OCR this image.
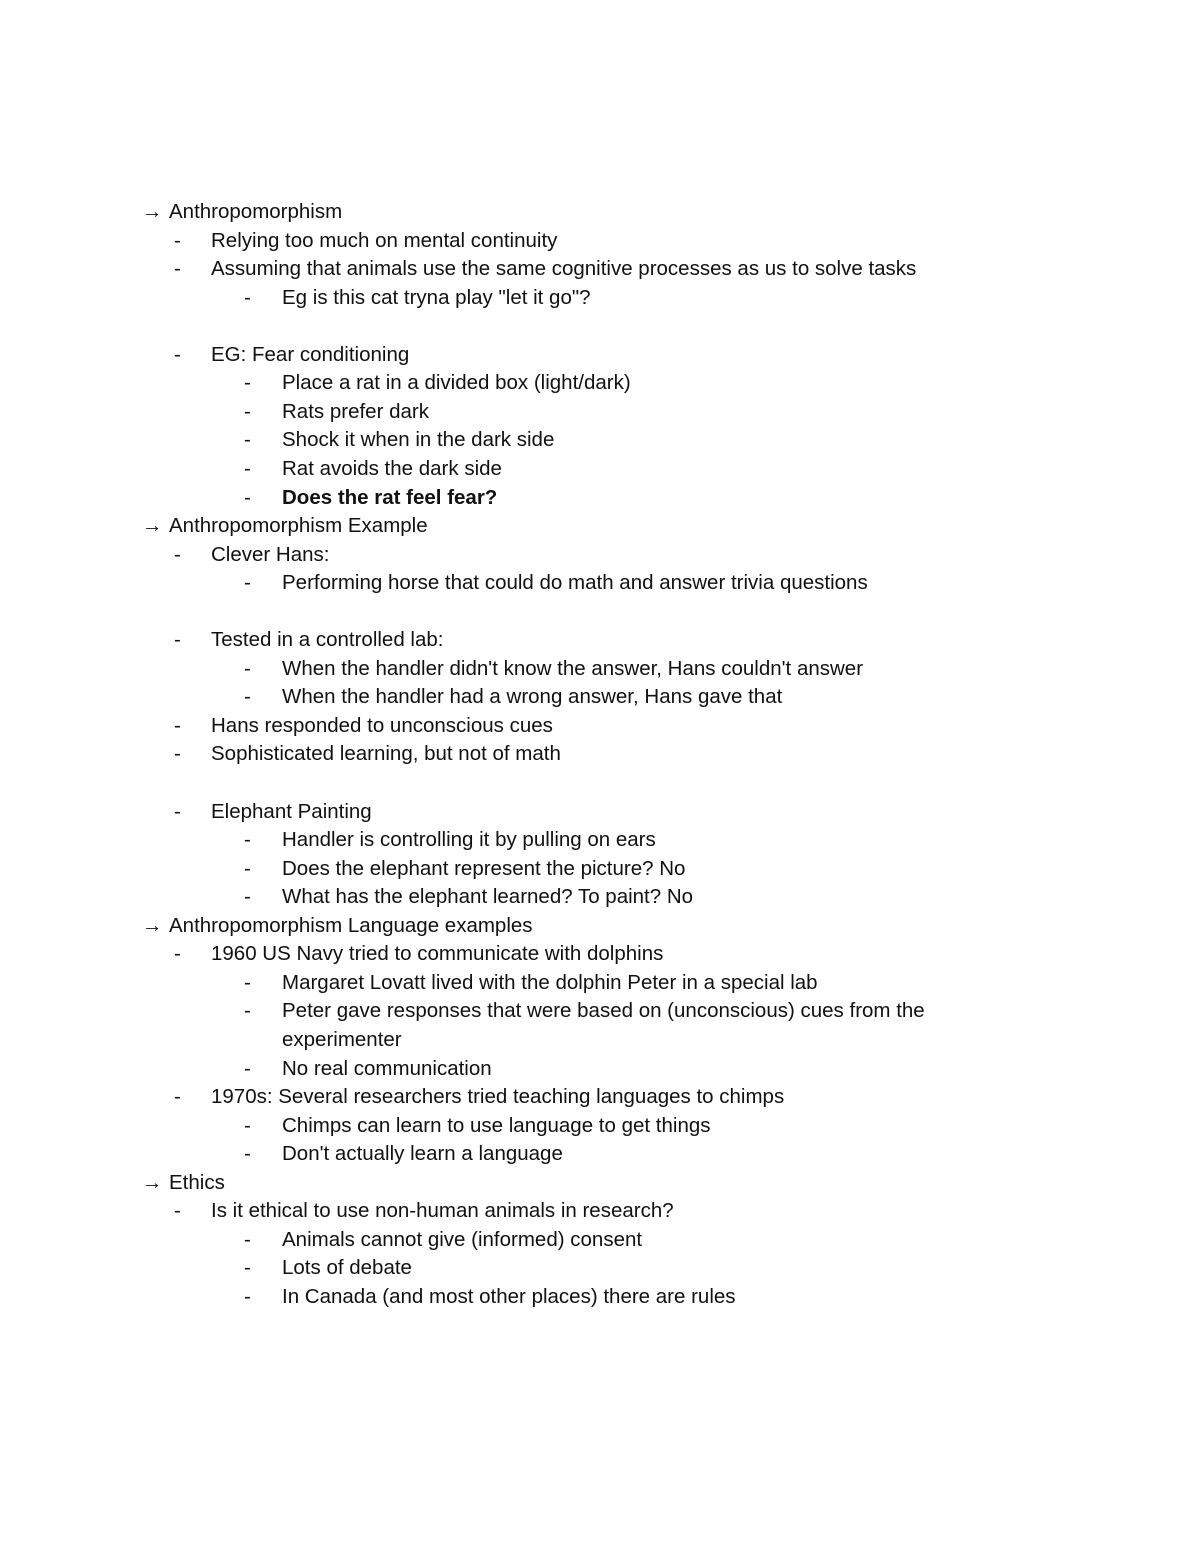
→ Anthropomorphism
- Relying too much on mental continuity
- Assuming that animals use the same cognitive processes as us to solve tasks
- Eg is this cat tryna play "let it go"?
- EG: Fear conditioning
- Place a rat in a divided box (light/dark)
- Rats prefer dark
- Shock it when in the dark side
- Rat avoids the dark side
- Does the rat feel fear?
→ Anthropomorphism Example
- Clever Hans:
- Performing horse that could do math and answer trivia questions
- Tested in a controlled lab:
- When the handler didn't know the answer, Hans couldn't answer
- When the handler had a wrong answer, Hans gave that
- Hans responded to unconscious cues
- Sophisticated learning, but not of math
- Elephant Painting
- Handler is controlling it by pulling on ears
- Does the elephant represent the picture? No
- What has the elephant learned? To paint? No
→ Anthropomorphism Language examples
- 1960 US Navy tried to communicate with dolphins
- Margaret Lovatt lived with the dolphin Peter in a special lab
- Peter gave responses that were based on (unconscious) cues from the
experimenter
- No real communication
- 1970s: Several researchers tried teaching languages to chimps
- Chimps can learn to use language to get things
- Don't actually learn a language
→ Ethics
- Is it ethical to use non-human animals in research?
- Animals cannot give (informed) consent
- Lots of debate
- In Canada (and most other places) there are rules
